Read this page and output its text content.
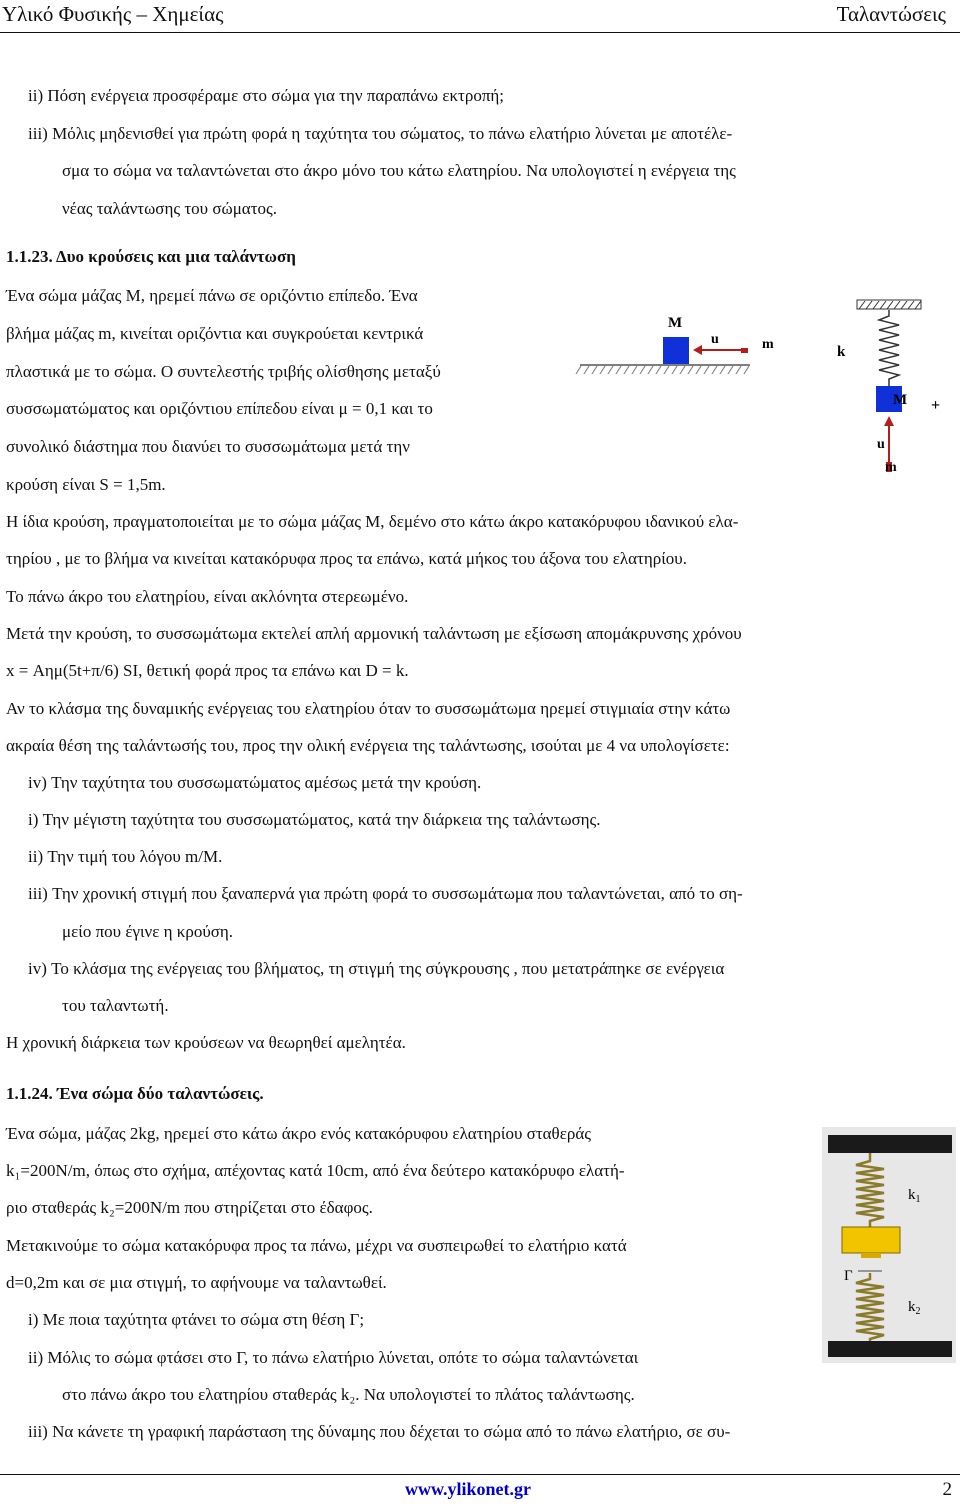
Υλικό Φυσικής – Χημείας	Ταλαντώσεις
ii) Πόση ενέργεια προσφέραμε στο σώμα για την παραπάνω εκτροπή;
iii) Μόλις μηδενισθεί για πρώτη φορά η ταχύτητα του σώματος, το πάνω ελατήριο λύνεται με αποτέλε-
σμα το σώμα να ταλαντώνεται στο άκρο μόνο του κάτω ελατηρίου. Να υπολογιστεί η ενέργεια της
νέας ταλάντωσης του σώματος.
1.1.23. Δυο κρούσεις και μια ταλάντωση
Ένα σώμα μάζας Μ, ηρεμεί πάνω σε οριζόντιο επίπεδο. Ένα
βλήμα μάζας m, κινείται οριζόντια και συγκρούεται κεντρικά
πλαστικά με το σώμα. Ο συντελεστής τριβής ολίσθησης μεταξύ
συσσωματώματος και οριζόντιου επίπεδου είναι μ = 0,1 και το
συνολικό διάστημα που διανύει το συσσωμάτωμα μετά την
κρούση είναι S = 1,5m.
Η ίδια κρούση, πραγματοποιείται με το σώμα μάζας Μ, δεμένο στο κάτω άκρο κατακόρυφου ιδανικού ελα-
τηρίου , με το βλήμα να κινείται κατακόρυφα προς τα επάνω, κατά μήκος του άξονα του ελατηρίου.
Το πάνω άκρο του ελατηρίου, είναι ακλόνητα στερεωμένο.
Μετά την κρούση, το συσσωμάτωμα εκτελεί απλή αρμονική ταλάντωση με εξίσωση απομάκρυνσης χρόνου
x = Αημ(5t+π/6) SI, θετική φορά προς τα επάνω και D = k.
Αν το κλάσμα της δυναμικής ενέργειας του ελατηρίου όταν το συσσωμάτωμα ηρεμεί στιγμιαία στην κάτω
ακραία θέση της ταλάντωσής του, προς την ολική ενέργεια της ταλάντωσης, ισούται με 4 να υπολογίσετε:
iv) Την ταχύτητα του συσσωματώματος αμέσως μετά την κρούση.
i) Την μέγιστη ταχύτητα του συσσωματώματος, κατά την διάρκεια της ταλάντωσης.
ii) Την τιμή του λόγου m/M.
iii) Την χρονική στιγμή που ξαναπερνά για πρώτη φορά το συσσωμάτωμα που ταλαντώνεται, από το ση-
μείο που έγινε η κρούση.
iv) Το κλάσμα της ενέργειας του βλήματος, τη στιγμή της σύγκρουσης , που μετατράπηκε σε ενέργεια
του ταλαντωτή.
Η χρονική διάρκεια των κρούσεων να θεωρηθεί αμελητέα.
1.1.24. Ένα σώμα δύο ταλαντώσεις.
Ένα σώμα, μάζας 2kg, ηρεμεί στο κάτω άκρο ενός κατακόρυφου ελατηρίου σταθεράς
k₁=200N/m, όπως στο σχήμα, απέχοντας κατά 10cm, από ένα δεύτερο κατακόρυφο ελατή-
ριο σταθεράς k₂=200N/m που στηρίζεται στο έδαφος.
Μετακινούμε το σώμα κατακόρυφα προς τα πάνω, μέχρι να συσπειρωθεί το ελατήριο κατά
d=0,2m και σε μια στιγμή, το αφήνουμε να ταλαντωθεί.
i) Με ποια ταχύτητα φτάνει το σώμα στη θέση Γ;
ii) Μόλις το σώμα φτάσει στο Γ, το πάνω ελατήριο λύνεται, οπότε το σώμα ταλαντώνεται
στο πάνω άκρο του ελατηρίου σταθεράς k₂. Να υπολογιστεί το πλάτος ταλάντωσης.
iii) Να κάνετε τη γραφική παράσταση της δύναμης που δέχεται το σώμα από το πάνω ελατήριο, σε συ-
M
u	m	k
M +
u
m
$k_1$
Γ
$k_2$
www.ylikonet.gr	2
